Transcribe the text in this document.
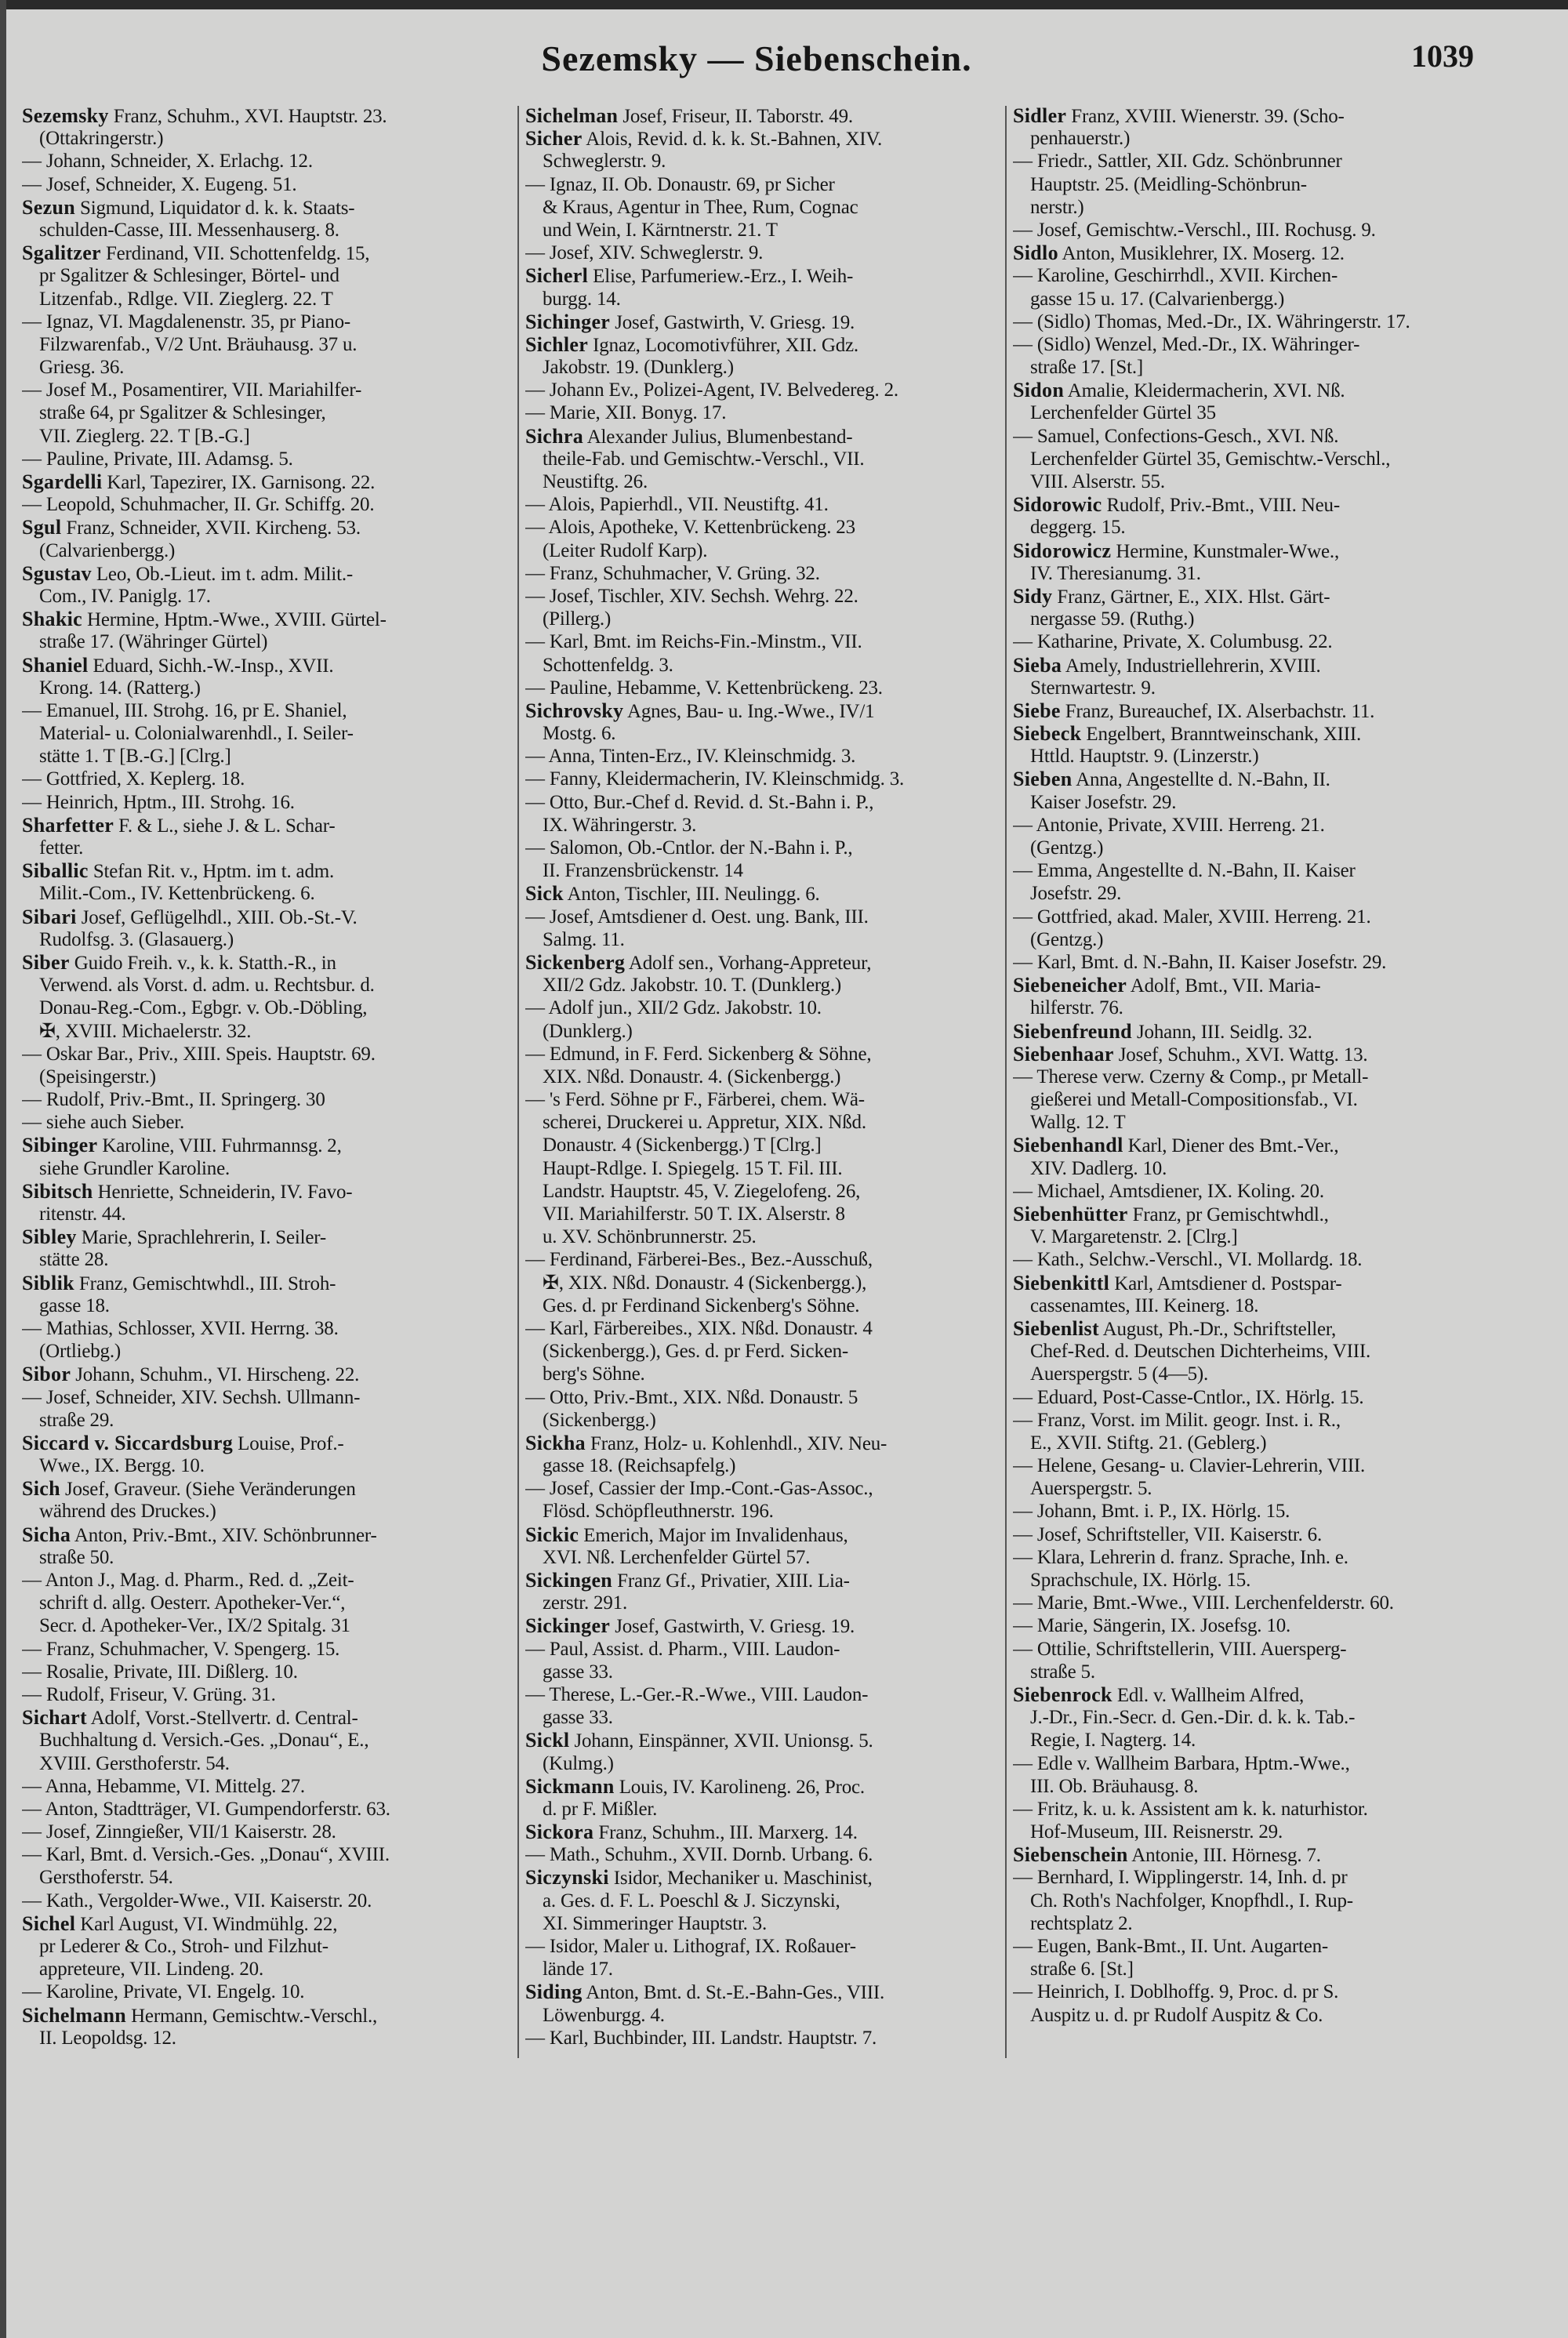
Sezemsky — Siebenschein.	1039
Sezemsky Franz, Schuhm., XVI. Hauptstr. 23.
(Ottakringerstr.)
— Johann, Schneider, X. Erlachg. 12.
— Josef, Schneider, X. Eugeng. 51.
Sezun Sigmund, Liquidator d. k. k. Staats-
schulden-Casse, III. Messenhauserg. 8.
Sgalitzer Ferdinand, VII. Schottenfeldg. 15,
pr Sgalitzer & Schlesinger, Börtel- und
Litzenfab., Rdlge. VII. Zieglerg. 22. T
— Ignaz, VI. Magdalenenstr. 35, pr Piano-
Filzwarenfab., V/2 Unt. Bräuhausg. 37 u.
Griesg. 36.
— Josef M., Posamentirer, VII. Mariahilfer-
straße 64, pr Sgalitzer & Schlesinger,
VII. Zieglerg. 22. T [B.-G.]
— Pauline, Private, III. Adamsg. 5.
Sgardelli Karl, Tapezirer, IX. Garnisong. 22.
— Leopold, Schuhmacher, II. Gr. Schiffg. 20.
Sgul Franz, Schneider, XVII. Kircheng. 53.
(Calvarienbergg.)
Sgustav Leo, Ob.-Lieut. im t. adm. Milit.-
Com., IV. Paniglg. 17.
Shakic Hermine, Hptm.-Wwe., XVIII. Gürtel-
straße 17. (Währinger Gürtel)
Shaniel Eduard, Sichh.-W.-Insp., XVII.
Krong. 14. (Ratterg.)
— Emanuel, III. Strohg. 16, pr E. Shaniel,
Material- u. Colonialwarenhdl., I. Seiler-
stätte 1. T [B.-G.] [Clrg.]
— Gottfried, X. Keplerg. 18.
— Heinrich, Hptm., III. Strohg. 16.
Sharfetter F. & L., siehe J. & L. Schar-
fetter.
Siballic Stefan Rit. v., Hptm. im t. adm.
Milit.-Com., IV. Kettenbrückeng. 6.
Sibari Josef, Geflügelhdl., XIII. Ob.-St.-V.
Rudolfsg. 3. (Glasauerg.)
Siber Guido Freih. v., k. k. Statth.-R., in
Verwend. als Vorst. d. adm. u. Rechtsbur. d.
Donau-Reg.-Com., Egbgr. v. Ob.-Döbling,
✠, XVIII. Michaelerstr. 32.
— Oskar Bar., Priv., XIII. Speis. Hauptstr. 69.
(Speisingerstr.)
— Rudolf, Priv.-Bmt., II. Springerg. 30
— siehe auch Sieber.
Sibinger Karoline, VIII. Fuhrmannsg. 2,
siehe Grundler Karoline.
Sibitsch Henriette, Schneiderin, IV. Favo-
ritenstr. 44.
Sibley Marie, Sprachlehrerin, I. Seiler-
stätte 28.
Siblik Franz, Gemischtwhdl., III. Stroh-
gasse 18.
— Mathias, Schlosser, XVII. Herrng. 38.
(Ortliebg.)
Sibor Johann, Schuhm., VI. Hirscheng. 22.
— Josef, Schneider, XIV. Sechsh. Ullmann-
straße 29.
Siccard v. Siccardsburg Louise, Prof.-
Wwe., IX. Bergg. 10.
Sich Josef, Graveur. (Siehe Veränderungen
während des Druckes.)
Sicha Anton, Priv.-Bmt., XIV. Schönbrunner-
straße 50.
— Anton J., Mag. d. Pharm., Red. d. „Zeit-
schrift d. allg. Oesterr. Apotheker-Ver.“,
Secr. d. Apotheker-Ver., IX/2 Spitalg. 31
— Franz, Schuhmacher, V. Spengerg. 15.
— Rosalie, Private, III. Dißlerg. 10.
— Rudolf, Friseur, V. Grüng. 31.
Sichart Adolf, Vorst.-Stellvertr. d. Central-
Buchhaltung d. Versich.-Ges. „Donau“, E.,
XVIII. Gersthoferstr. 54.
— Anna, Hebamme, VI. Mittelg. 27.
— Anton, Stadtträger, VI. Gumpendorferstr. 63.
— Josef, Zinngießer, VII/1 Kaiserstr. 28.
— Karl, Bmt. d. Versich.-Ges. „Donau“, XVIII.
Gersthoferstr. 54.
— Kath., Vergolder-Wwe., VII. Kaiserstr. 20.
Sichel Karl August, VI. Windmühlg. 22,
pr Lederer & Co., Stroh- und Filzhut-
appreteure, VII. Lindeng. 20.
— Karoline, Private, VI. Engelg. 10.
Sichelmann Hermann, Gemischtw.-Verschl.,
II. Leopoldsg. 12.
Sichelman Josef, Friseur, II. Taborstr. 49.
Sicher Alois, Revid. d. k. k. St.-Bahnen, XIV.
Schweglerstr. 9.
— Ignaz, II. Ob. Donaustr. 69, pr Sicher
& Kraus, Agentur in Thee, Rum, Cognac
und Wein, I. Kärntnerstr. 21. T
— Josef, XIV. Schweglerstr. 9.
Sicherl Elise, Parfumeriew.-Erz., I. Weih-
burgg. 14.
Sichinger Josef, Gastwirth, V. Griesg. 19.
Sichler Ignaz, Locomotivführer, XII. Gdz.
Jakobstr. 19. (Dunklerg.)
— Johann Ev., Polizei-Agent, IV. Belvedereg. 2.
— Marie, XII. Bonyg. 17.
Sichra Alexander Julius, Blumenbestand-
theile-Fab. und Gemischtw.-Verschl., VII.
Neustiftg. 26.
— Alois, Papierhdl., VII. Neustiftg. 41.
— Alois, Apotheke, V. Kettenbrückeng. 23
(Leiter Rudolf Karp).
— Franz, Schuhmacher, V. Grüng. 32.
— Josef, Tischler, XIV. Sechsh. Wehrg. 22.
(Pillerg.)
— Karl, Bmt. im Reichs-Fin.-Minstm., VII.
Schottenfeldg. 3.
— Pauline, Hebamme, V. Kettenbrückeng. 23.
Sichrovsky Agnes, Bau- u. Ing.-Wwe., IV/1
Mostg. 6.
— Anna, Tinten-Erz., IV. Kleinschmidg. 3.
— Fanny, Kleidermacherin, IV. Kleinschmidg. 3.
— Otto, Bur.-Chef d. Revid. d. St.-Bahn i. P.,
IX. Währingerstr. 3.
— Salomon, Ob.-Cntlor. der N.-Bahn i. P.,
II. Franzensbrückenstr. 14
Sick Anton, Tischler, III. Neulingg. 6.
— Josef, Amtsdiener d. Oest. ung. Bank, III.
Salmg. 11.
Sickenberg Adolf sen., Vorhang-Appreteur,
XII/2 Gdz. Jakobstr. 10. T. (Dunklerg.)
— Adolf jun., XII/2 Gdz. Jakobstr. 10.
(Dunklerg.)
— Edmund, in F. Ferd. Sickenberg & Söhne,
XIX. Nßd. Donaustr. 4. (Sickenbergg.)
— 's Ferd. Söhne pr F., Färberei, chem. Wä-
scherei, Druckerei u. Appretur, XIX. Nßd.
Donaustr. 4 (Sickenbergg.) T [Clrg.]
Haupt-Rdlge. I. Spiegelg. 15 T. Fil. III.
Landstr. Hauptstr. 45, V. Ziegelofeng. 26,
VII. Mariahilferstr. 50 T. IX. Alserstr. 8
u. XV. Schönbrunnerstr. 25.
— Ferdinand, Färberei-Bes., Bez.-Ausschuß,
✠, XIX. Nßd. Donaustr. 4 (Sickenbergg.),
Ges. d. pr Ferdinand Sickenberg's Söhne.
— Karl, Färbereibes., XIX. Nßd. Donaustr. 4
(Sickenbergg.), Ges. d. pr Ferd. Sicken-
berg's Söhne.
— Otto, Priv.-Bmt., XIX. Nßd. Donaustr. 5
(Sickenbergg.)
Sickha Franz, Holz- u. Kohlenhdl., XIV. Neu-
gasse 18. (Reichsapfelg.)
— Josef, Cassier der Imp.-Cont.-Gas-Assoc.,
Flösd. Schöpfleuthnerstr. 196.
Sickic Emerich, Major im Invalidenhaus,
XVI. Nß. Lerchenfelder Gürtel 57.
Sickingen Franz Gf., Privatier, XIII. Lia-
zerstr. 291.
Sickinger Josef, Gastwirth, V. Griesg. 19.
— Paul, Assist. d. Pharm., VIII. Laudon-
gasse 33.
— Therese, L.-Ger.-R.-Wwe., VIII. Laudon-
gasse 33.
Sickl Johann, Einspänner, XVII. Unionsg. 5.
(Kulmg.)
Sickmann Louis, IV. Karolineng. 26, Proc.
d. pr F. Mißler.
Sickora Franz, Schuhm., III. Marxerg. 14.
— Math., Schuhm., XVII. Dornb. Urbang. 6.
Siczynski Isidor, Mechaniker u. Maschinist,
a. Ges. d. F. L. Poeschl & J. Siczynski,
XI. Simmeringer Hauptstr. 3.
— Isidor, Maler u. Lithograf, IX. Roßauer-
lände 17.
Siding Anton, Bmt. d. St.-E.-Bahn-Ges., VIII.
Löwenburgg. 4.
— Karl, Buchbinder, III. Landstr. Hauptstr. 7.
Sidler Franz, XVIII. Wienerstr. 39. (Scho-
penhauerstr.)
— Friedr., Sattler, XII. Gdz. Schönbrunner
Hauptstr. 25. (Meidling-Schönbrun-
nerstr.)
— Josef, Gemischtw.-Verschl., III. Rochusg. 9.
Sidlo Anton, Musiklehrer, IX. Moserg. 12.
— Karoline, Geschirrhdl., XVII. Kirchen-
gasse 15 u. 17. (Calvarienbergg.)
— (Sidlo) Thomas, Med.-Dr., IX. Währingerstr. 17.
— (Sidlo) Wenzel, Med.-Dr., IX. Währinger-
straße 17. [St.]
Sidon Amalie, Kleidermacherin, XVI. Nß.
Lerchenfelder Gürtel 35
— Samuel, Confections-Gesch., XVI. Nß.
Lerchenfelder Gürtel 35, Gemischtw.-Verschl.,
VIII. Alserstr. 55.
Sidorowic Rudolf, Priv.-Bmt., VIII. Neu-
deggerg. 15.
Sidorowicz Hermine, Kunstmaler-Wwe.,
IV. Theresianumg. 31.
Sidy Franz, Gärtner, E., XIX. Hlst. Gärt-
nergasse 59. (Ruthg.)
— Katharine, Private, X. Columbusg. 22.
Sieba Amely, Industriellehrerin, XVIII.
Sternwartestr. 9.
Siebe Franz, Bureauchef, IX. Alserbachstr. 11.
Siebeck Engelbert, Branntweinschank, XIII.
Httld. Hauptstr. 9. (Linzerstr.)
Sieben Anna, Angestellte d. N.-Bahn, II.
Kaiser Josefstr. 29.
— Antonie, Private, XVIII. Herreng. 21.
(Gentzg.)
— Emma, Angestellte d. N.-Bahn, II. Kaiser
Josefstr. 29.
— Gottfried, akad. Maler, XVIII. Herreng. 21.
(Gentzg.)
— Karl, Bmt. d. N.-Bahn, II. Kaiser Josefstr. 29.
Siebeneicher Adolf, Bmt., VII. Maria-
hilferstr. 76.
Siebenfreund Johann, III. Seidlg. 32.
Siebenhaar Josef, Schuhm., XVI. Wattg. 13.
— Therese verw. Czerny & Comp., pr Metall-
gießerei und Metall-Compositionsfab., VI.
Wallg. 12. T
Siebenhandl Karl, Diener des Bmt.-Ver.,
XIV. Dadlerg. 10.
— Michael, Amtsdiener, IX. Koling. 20.
Siebenhütter Franz, pr Gemischtwhdl.,
V. Margaretenstr. 2. [Clrg.]
— Kath., Selchw.-Verschl., VI. Mollardg. 18.
Siebenkittl Karl, Amtsdiener d. Postspar-
cassenamtes, III. Keinerg. 18.
Siebenlist August, Ph.-Dr., Schriftsteller,
Chef-Red. d. Deutschen Dichterheims, VIII.
Auerspergstr. 5 (4—5).
— Eduard, Post-Casse-Cntlor., IX. Hörlg. 15.
— Franz, Vorst. im Milit. geogr. Inst. i. R.,
E., XVII. Stiftg. 21. (Geblerg.)
— Helene, Gesang- u. Clavier-Lehrerin, VIII.
Auerspergstr. 5.
— Johann, Bmt. i. P., IX. Hörlg. 15.
— Josef, Schriftsteller, VII. Kaiserstr. 6.
— Klara, Lehrerin d. franz. Sprache, Inh. e.
Sprachschule, IX. Hörlg. 15.
— Marie, Bmt.-Wwe., VIII. Lerchenfelderstr. 60.
— Marie, Sängerin, IX. Josefsg. 10.
— Ottilie, Schriftstellerin, VIII. Auersperg-
straße 5.
Siebenrock Edl. v. Wallheim Alfred,
J.-Dr., Fin.-Secr. d. Gen.-Dir. d. k. k. Tab.-
Regie, I. Nagterg. 14.
— Edle v. Wallheim Barbara, Hptm.-Wwe.,
III. Ob. Bräuhausg. 8.
— Fritz, k. u. k. Assistent am k. k. naturhistor.
Hof-Museum, III. Reisnerstr. 29.
Siebenschein Antonie, III. Hörnesg. 7.
— Bernhard, I. Wipplingerstr. 14, Inh. d. pr
Ch. Roth's Nachfolger, Knopfhdl., I. Rup-
rechtsplatz 2.
— Eugen, Bank-Bmt., II. Unt. Augarten-
straße 6. [St.]
— Heinrich, I. Doblhoffg. 9, Proc. d. pr S.
Auspitz u. d. pr Rudolf Auspitz & Co.
